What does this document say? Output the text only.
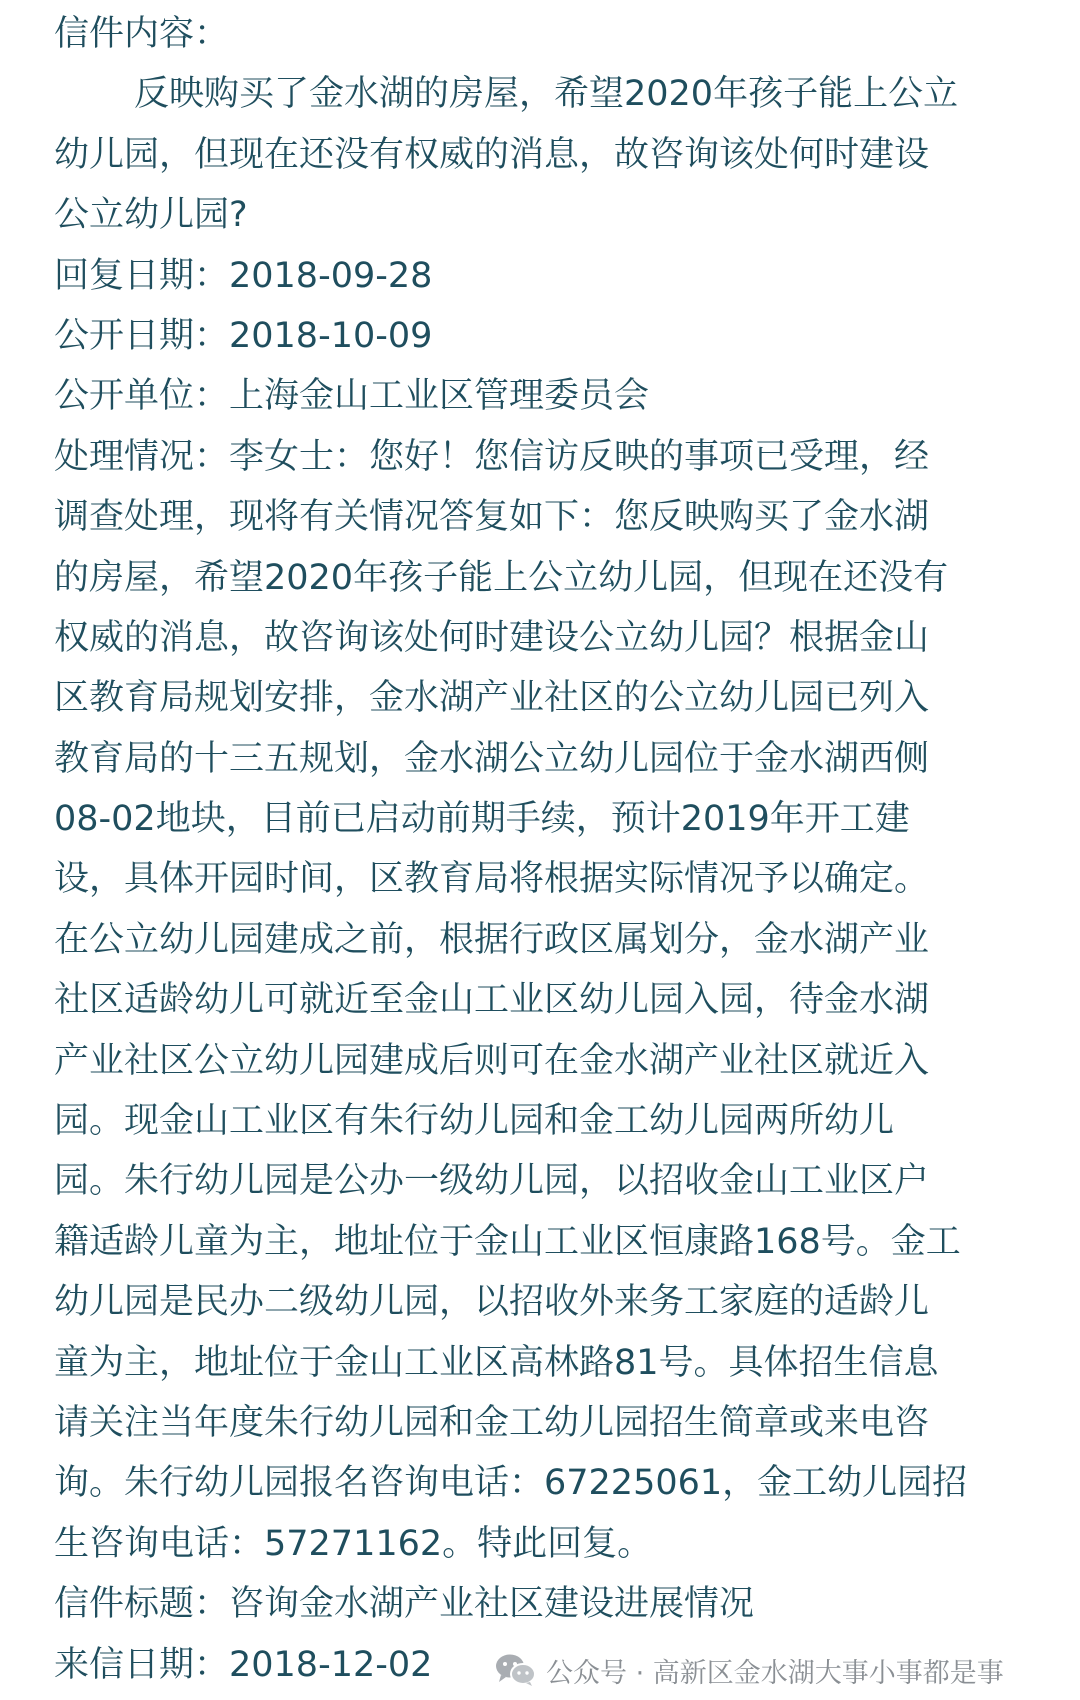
信件内容：
反映购买了金水湖的房屋，希望2020年孩子能上公立
幼儿园，但现在还没有权威的消息，故咨询该处何时建设
公立幼儿园?
回复日期：2018-09-28
公开日期：2018-10-09
公开单位：上海金山工业区管理委员会
处理情况：李女士：您好！您信访反映的事项已受理，经
调查处理，现将有关情况答复如下：您反映购买了金水湖
的房屋，希望2020年孩子能上公立幼儿园，但现在还没有
权威的消息，故咨询该处何时建设公立幼儿园？根据金山
区教育局规划安排，金水湖产业社区的公立幼儿园已列入
教育局的十三五规划，金水湖公立幼儿园位于金水湖西侧
08-02地块，目前已启动前期手续，预计2019年开工建
设，具体开园时间，区教育局将根据实际情况予以确定。
在公立幼儿园建成之前，根据行政区属划分，金水湖产业
社区适龄幼儿可就近至金山工业区幼儿园入园，待金水湖
产业社区公立幼儿园建成后则可在金水湖产业社区就近入
园。现金山工业区有朱行幼儿园和金工幼儿园两所幼儿
园。朱行幼儿园是公办一级幼儿园，以招收金山工业区户
籍适龄儿童为主，地址位于金山工业区恒康路168号。金工
幼儿园是民办二级幼儿园，以招收外来务工家庭的适龄儿
童为主，地址位于金山工业区高林路81号。具体招生信息
请关注当年度朱行幼儿园和金工幼儿园招生简章或来电咨
询。朱行幼儿园报名咨询电话：67225061，金工幼儿园招
生咨询电话：57271162。特此回复。
信件标题：咨询金水湖产业社区建设进展情况
来信日期：2018-12-02	公众号 · 高新区金水湖大事小事都是事
